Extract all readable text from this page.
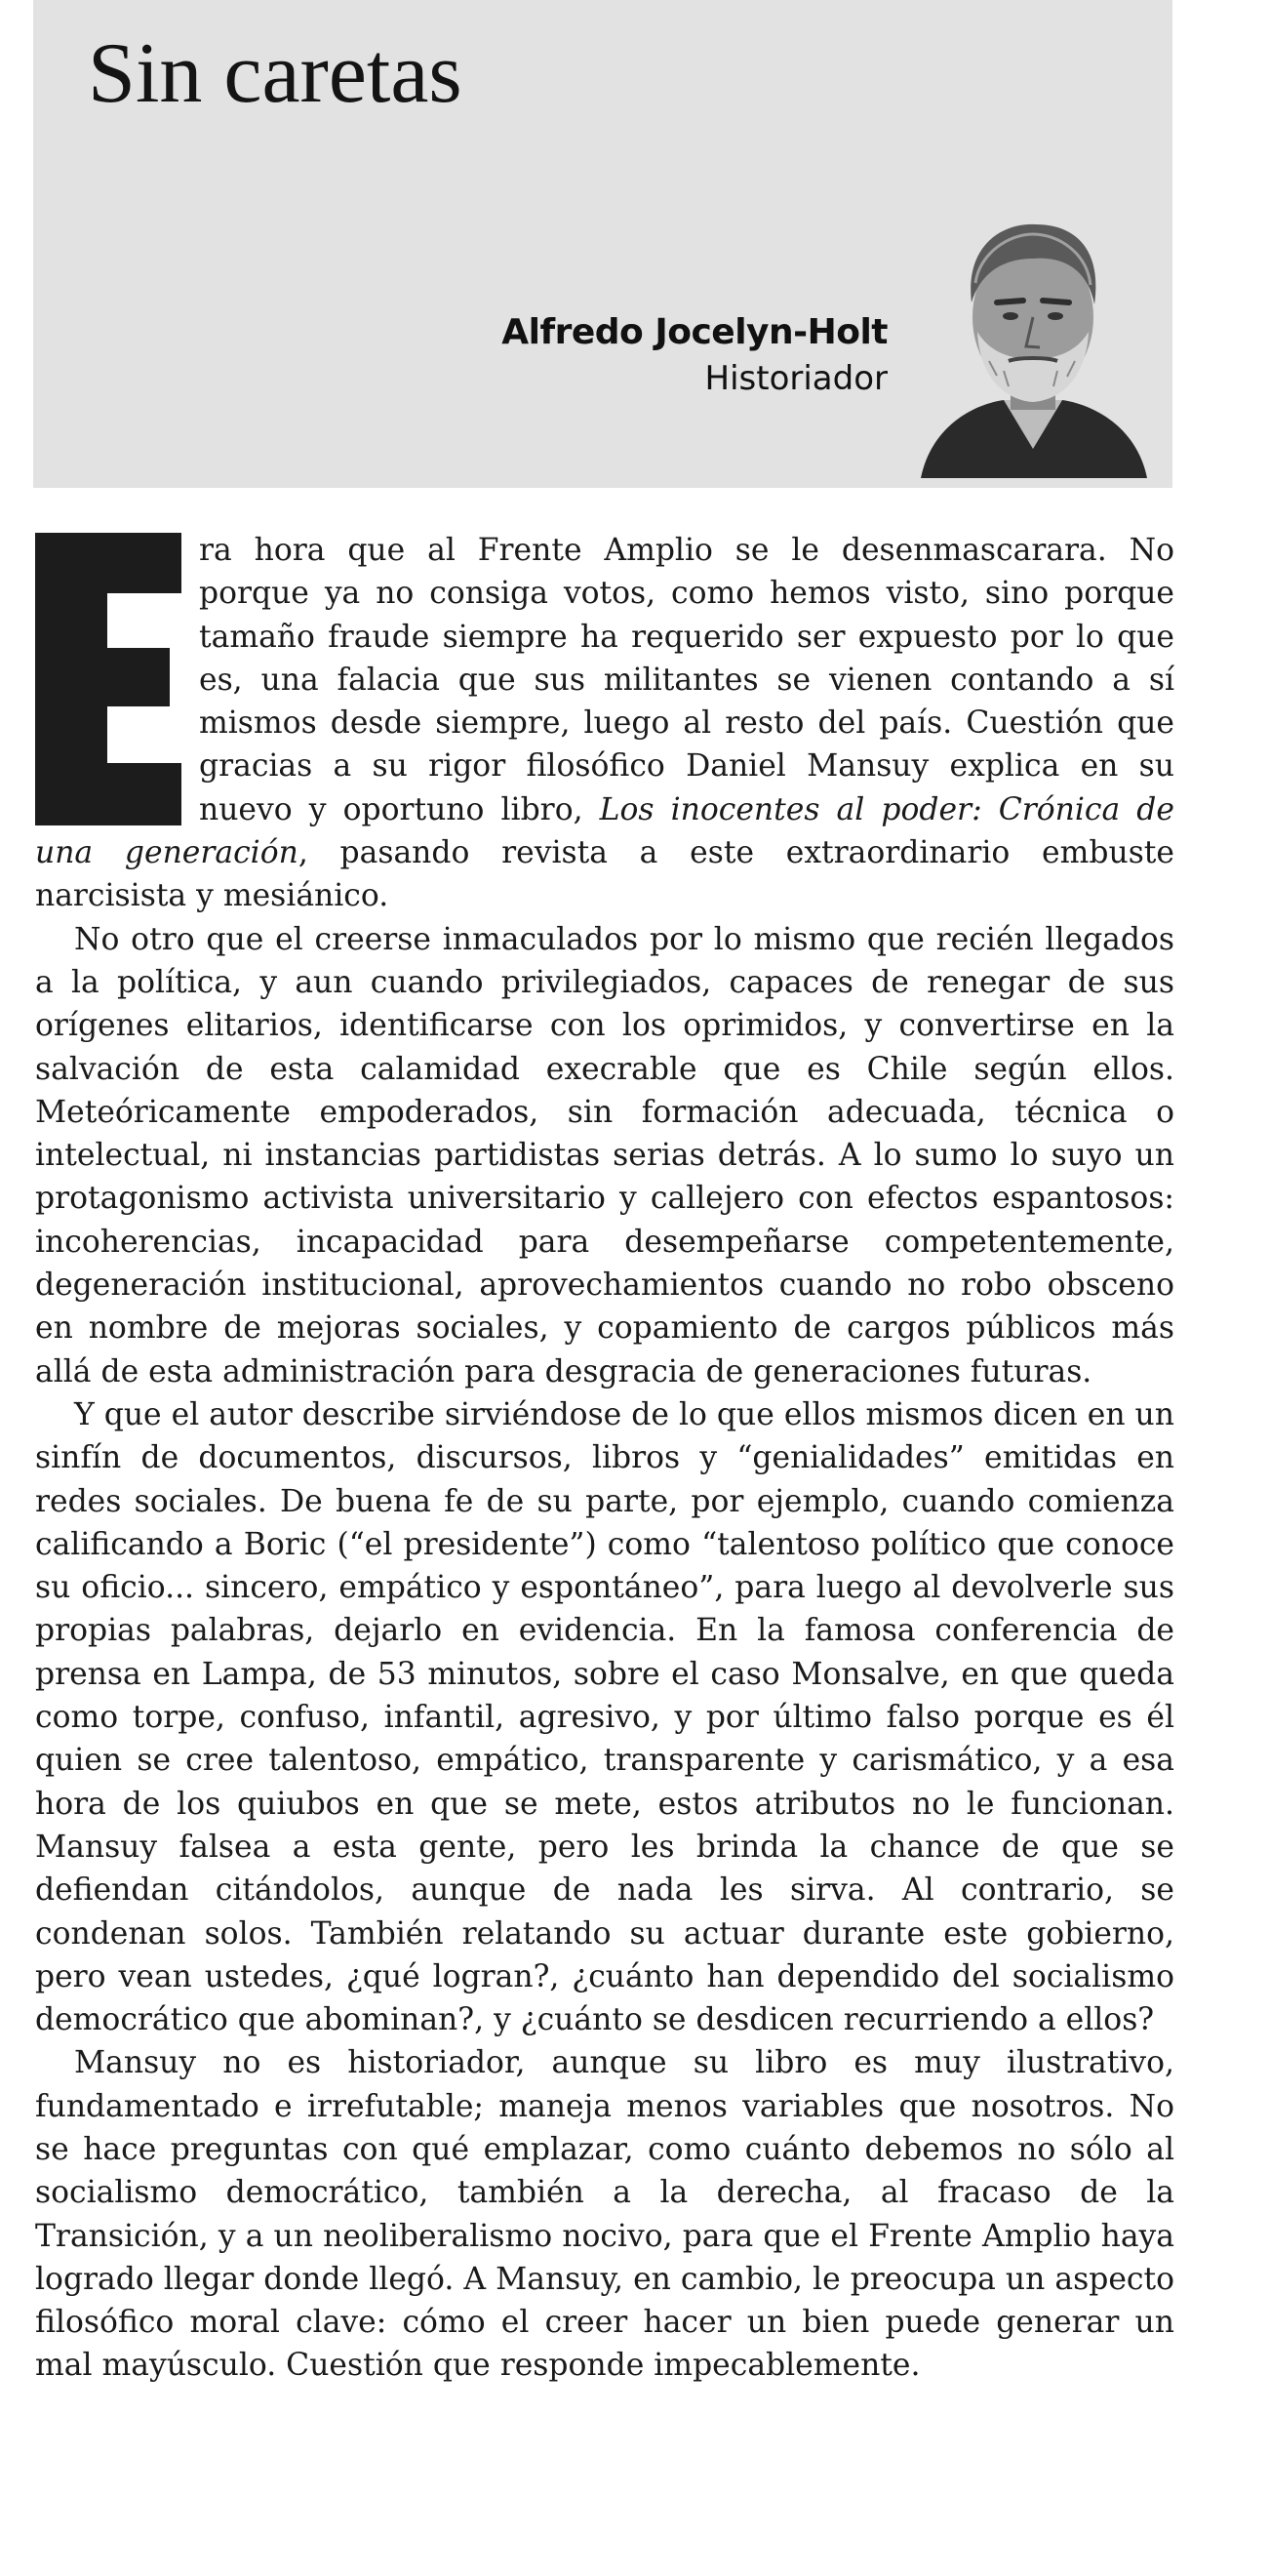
Sin caretas
Alfredo Jocelyn-Holt
Historiador

ra hora que al Frente Amplio se le desenmascarara. No porque ya no consiga votos, como hemos visto, sino porque tamaño fraude siempre ha requerido ser expuesto por lo que es, una falacia que sus militantes se vienen contando a sí mismos desde siempre, luego al resto del país. Cuestión que gracias a su rigor filosófico Daniel Mansuy explica en su nuevo y oportuno libro, Los inocentes al poder: Crónica de una generación, pasando revista a este extraordinario embuste narcisista y mesiánico.

No otro que el creerse inmaculados por lo mismo que recién llegados a la política, y aun cuando privilegiados, capaces de renegar de sus orígenes elitarios, identificarse con los oprimidos, y convertirse en la salvación de esta calamidad execrable que es Chile según ellos. Meteóricamente empoderados, sin formación adecuada, técnica o intelectual, ni instancias partidistas serias detrás. A lo sumo lo suyo un protagonismo activista universitario y callejero con efectos espantosos: incoherencias, incapacidad para desempeñarse competentemente, degeneración institucional, aprovechamientos cuando no robo obsceno en nombre de mejoras sociales, y copamiento de cargos públicos más allá de esta administración para desgracia de generaciones futuras.

Y que el autor describe sirviéndose de lo que ellos mismos dicen en un sinfín de documentos, discursos, libros y “genialidades” emitidas en redes sociales. De buena fe de su parte, por ejemplo, cuando comienza calificando a Boric (“el presidente”) como “talentoso político que conoce su oficio... sincero, empático y espontáneo”, para luego al devolverle sus propias palabras, dejarlo en evidencia. En la famosa conferencia de prensa en Lampa, de 53 minutos, sobre el caso Monsalve, en que queda como torpe, confuso, infantil, agresivo, y por último falso porque es él quien se cree talentoso, empático, transparente y carismático, y a esa hora de los quiubos en que se mete, estos atributos no le funcionan. Mansuy falsea a esta gente, pero les brinda la chance de que se defiendan citándolos, aunque de nada les sirva. Al contrario, se condenan solos. También relatando su actuar durante este gobierno, pero vean ustedes, ¿qué logran?, ¿cuánto han dependido del socialismo democrático que abominan?, y ¿cuánto se desdicen recurriendo a ellos?

Mansuy no es historiador, aunque su libro es muy ilustrativo, fundamentado e irrefutable; maneja menos variables que nosotros. No se hace preguntas con qué emplazar, como cuánto debemos no sólo al socialismo democrático, también a la derecha, al fracaso de la Transición, y a un neoliberalismo nocivo, para que el Frente Amplio haya logrado llegar donde llegó. A Mansuy, en cambio, le preocupa un aspecto filosófico moral clave: cómo el creer hacer un bien puede generar un mal mayúsculo. Cuestión que responde impecablemente.
